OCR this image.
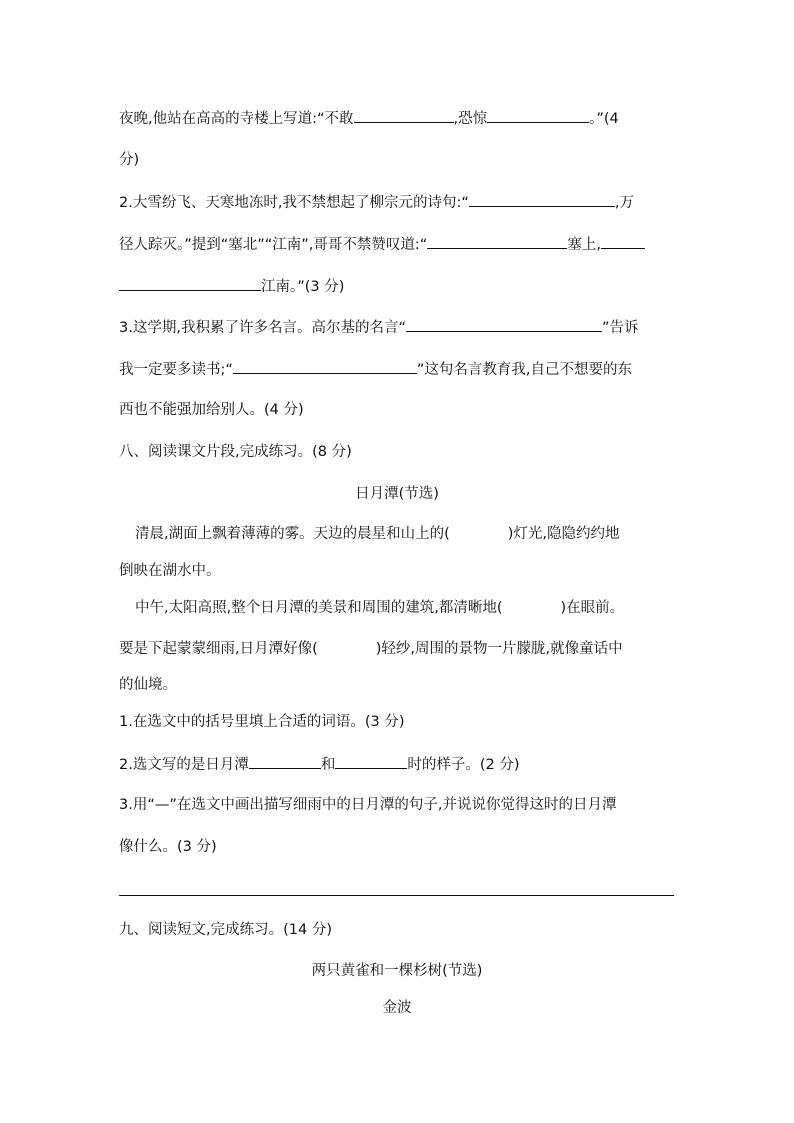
夜晚,他站在高高的寺楼上写道:“不敢	,恐惊	。”(4
分)
2.大雪纷飞、天寒地冻时,我不禁想起了柳宗元的诗句:“	,万
径人踪灭。”提到“塞北”“江南”,哥哥不禁赞叹道:“	塞上,
江南。”(3 分)
3.这学期,我积累了许多名言。高尔基的名言“	”告诉
我一定要多读书;“	”这句名言教育我,自己不想要的东
西也不能强加给别人。(4 分)
八、阅读课文片段,完成练习。(8 分)
日月潭(节选)
清晨,湖面上飘着薄薄的雾。天边的晨星和山上的(	)灯光,隐隐约约地
倒映在湖水中。
中午,太阳高照,整个日月潭的美景和周围的建筑,都清晰地(	)在眼前。
要是下起蒙蒙细雨,日月潭好像(	)轻纱,周围的景物一片朦胧,就像童话中
的仙境。
1.在选文中的括号里填上合适的词语。(3 分)
2.选文写的是日月潭	和	时的样子。(2 分)
3.用“—”在选文中画出描写细雨中的日月潭的句子,并说说你觉得这时的日月潭
像什么。(3 分)
九、阅读短文,完成练习。(14 分)
两只黄雀和一棵杉树(节选)
金波
